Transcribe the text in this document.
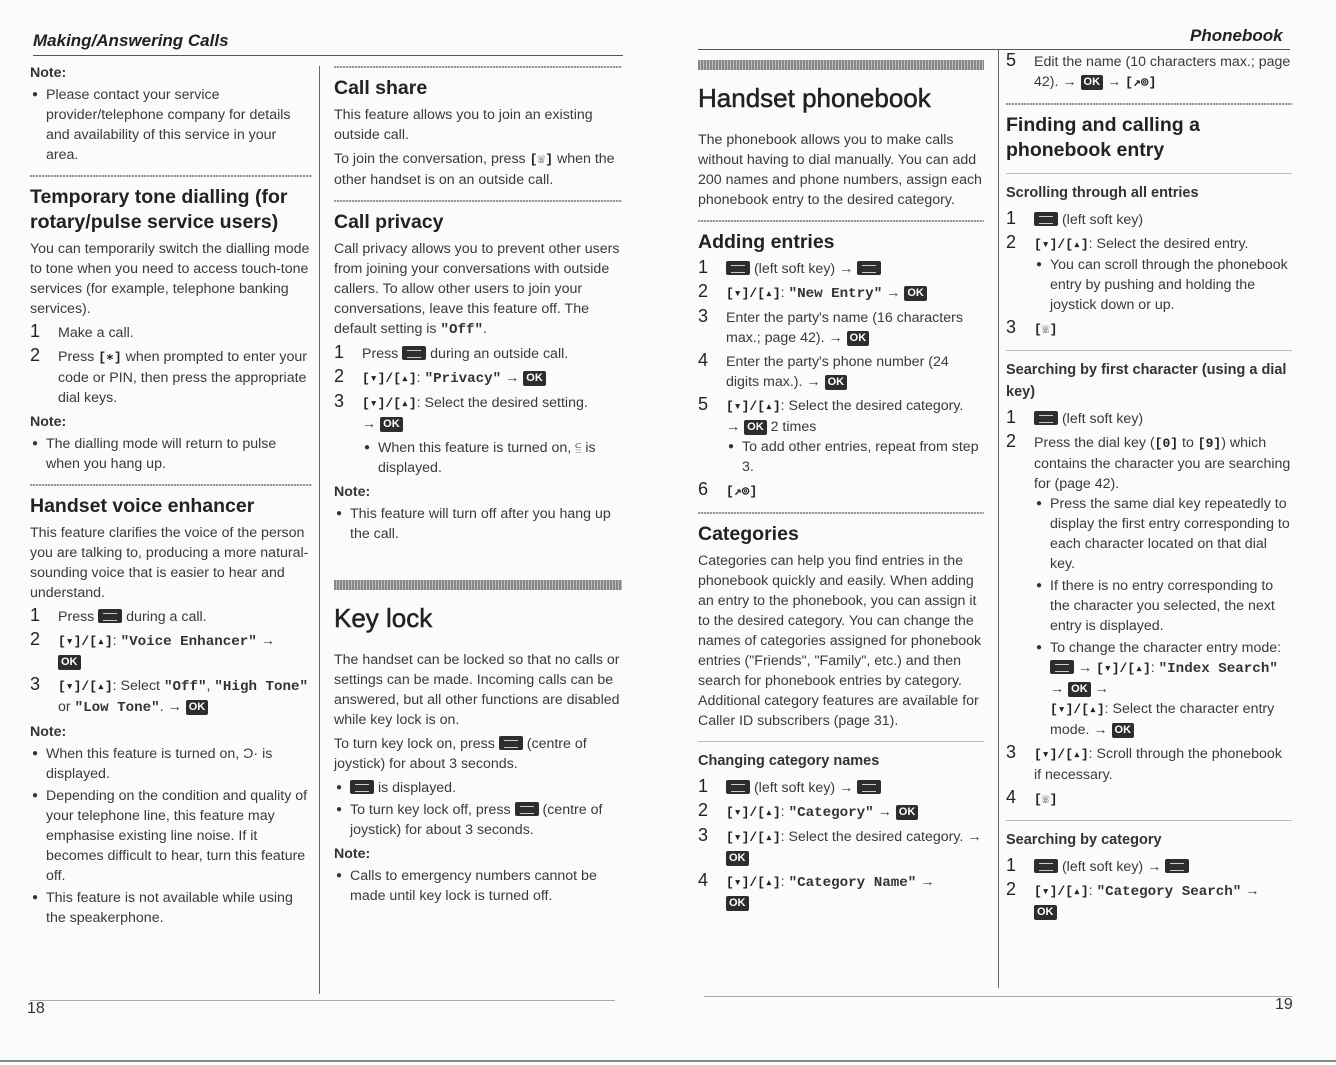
Making/Answering Calls
Note:
● Please contact your service provider/telephone company for details and availability of this service in your area.
Temporary tone dialling (for rotary/pulse service users)

You can temporarily switch the dialling mode to tone when you need to access touch-tone services (for example, telephone banking services).

1 Make a call.
2 Press [∗] when prompted to enter your code or PIN, then press the appropriate dial keys.
Note:
● The dialling mode will return to pulse when you hang up.
Handset voice enhancer

This feature clarifies the voice of the person you are talking to, producing a more natural-sounding voice that is easier to hear and understand.

1 Press  during a call.
2 [▾]/[▴]: "Voice Enhancer" →
OK
3 [▾]/[▴]: Select "Off", "High Tone" or "Low Tone". → OK
Note:
● When this feature is turned on, Ɔ· is displayed.
● Depending on the condition and quality of your telephone line, this feature may emphasise existing line noise. If it becomes difficult to hear, turn this feature off.
● This feature is not available while using the speakerphone.
Call share

This feature allows you to join an existing outside call.

To join the conversation, press [☏] when the other handset is on an outside call.

Call privacy

Call privacy allows you to prevent other users from joining your conversations with outside callers. To allow other users to join your conversations, leave this feature off. The default setting is "Off".

1 Press  during an outside call.
2 [▾]/[▴]: "Privacy" → OK
3 [▾]/[▴]: Select the desired setting.
→ OK
● When this feature is turned on, ⫅ is displayed.
Note:
● This feature will turn off after you hang up the call.
Key lock

The handset can be locked so that no calls or settings can be made. Incoming calls can be answered, but all other functions are disabled while key lock is on.

To turn key lock on, press  (centre of joystick) for about 3 seconds.

● is displayed.
● To turn key lock off, press  (centre of joystick) for about 3 seconds.
Note:
● Calls to emergency numbers cannot be made until key lock is turned off.
18
Phonebook
Handset phonebook

The phonebook allows you to make calls without having to dial manually. You can add 200 names and phone numbers, assign each phonebook entry to the desired category.

Adding entries
1	(left soft key) →
2 [▾]/[▴]: "New Entry" → OK
3 Enter the party's name (16 characters max.; page 42). → OK
4 Enter the party's phone number (24 digits max.). → OK
5 [▾]/[▴]: Select the desired category.
→ OK 2 times
● To add other entries, repeat from step 3.
6 [↗⊚]
Categories

Categories can help you find entries in the phonebook quickly and easily. When adding an entry to the phonebook, you can assign it to the desired category. You can change the names of categories assigned for phonebook entries ("Friends", "Family", etc.) and then search for phonebook entries by category. Additional category features are available for Caller ID subscribers (page 31).

Changing category names
1	(left soft key) →
2 [▾]/[▴]: "Category" → OK
3 [▾]/[▴]: Select the desired category. → OK
4 [▾]/[▴]: "Category Name" →
OK
5 Edit the name (10 characters max.; page 42). → OK → [↗⊚]
Finding and calling a phonebook entry
Scrolling through all entries
1	(left soft key)
2 [▾]/[▴]: Select the desired entry.
● You can scroll through the phonebook entry by pushing and holding the joystick down or up.
3 [☏]
Searching by first character (using a dial key)
1	(left soft key)
2 Press the dial key ([0] to [9]) which contains the character you are searching for (page 42).
● Press the same dial key repeatedly to display the first entry corresponding to each character located on that dial key.
● If there is no entry corresponding to the character you selected, the next entry is displayed.
● To change the character entry mode:
→ [▾]/[▴]: "Index Search" → OK →
[▾]/[▴]: Select the character entry mode. → OK
3 [▾]/[▴]: Scroll through the phonebook if necessary.
4 [☏]
Searching by category
1	(left soft key) →
2 [▾]/[▴]: "Category Search" →
OK
19
